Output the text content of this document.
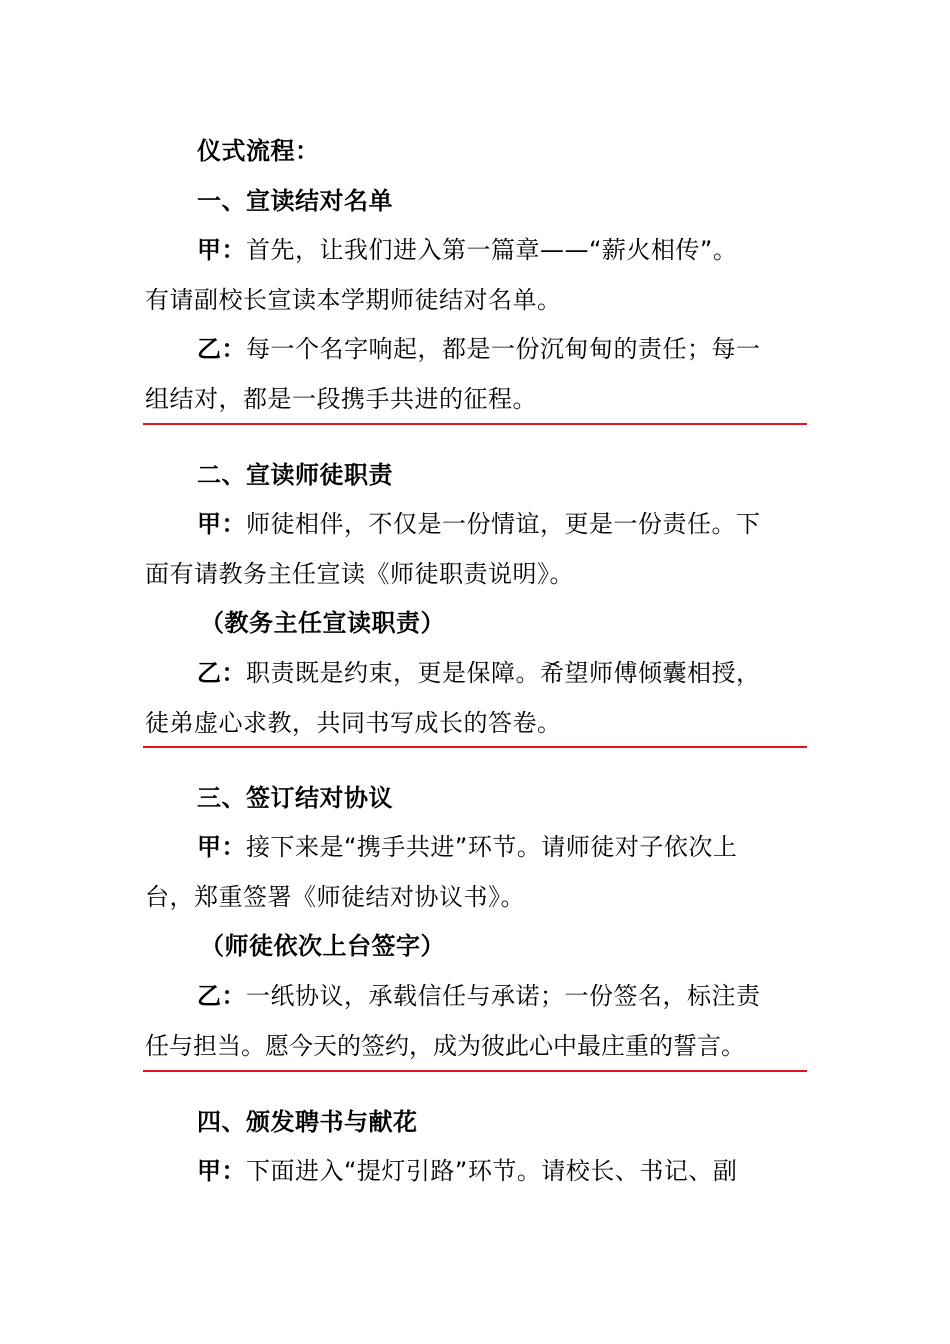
仪式流程：
一、宣读结对名单
甲：首先，让我们进入第一篇章——“薪火相传”。
有请副校长宣读本学期师徒结对名单。
乙：每一个名字响起，都是一份沉甸甸的责任；每一
组结对，都是一段携手共进的征程。
二、宣读师徒职责
甲：师徒相伴，不仅是一份情谊，更是一份责任。下
面有请教务主任宣读《师徒职责说明》。
（教务主任宣读职责）
乙：职责既是约束，更是保障。希望师傅倾囊相授，
徒弟虚心求教，共同书写成长的答卷。
三、签订结对协议
甲：接下来是“携手共进”环节。请师徒对子依次上
台，郑重签署《师徒结对协议书》。
（师徒依次上台签字）
乙：一纸协议，承载信任与承诺；一份签名，标注责
任与担当。愿今天的签约，成为彼此心中最庄重的誓言。
四、颁发聘书与献花
甲：下面进入“提灯引路”环节。请校长、书记、副
